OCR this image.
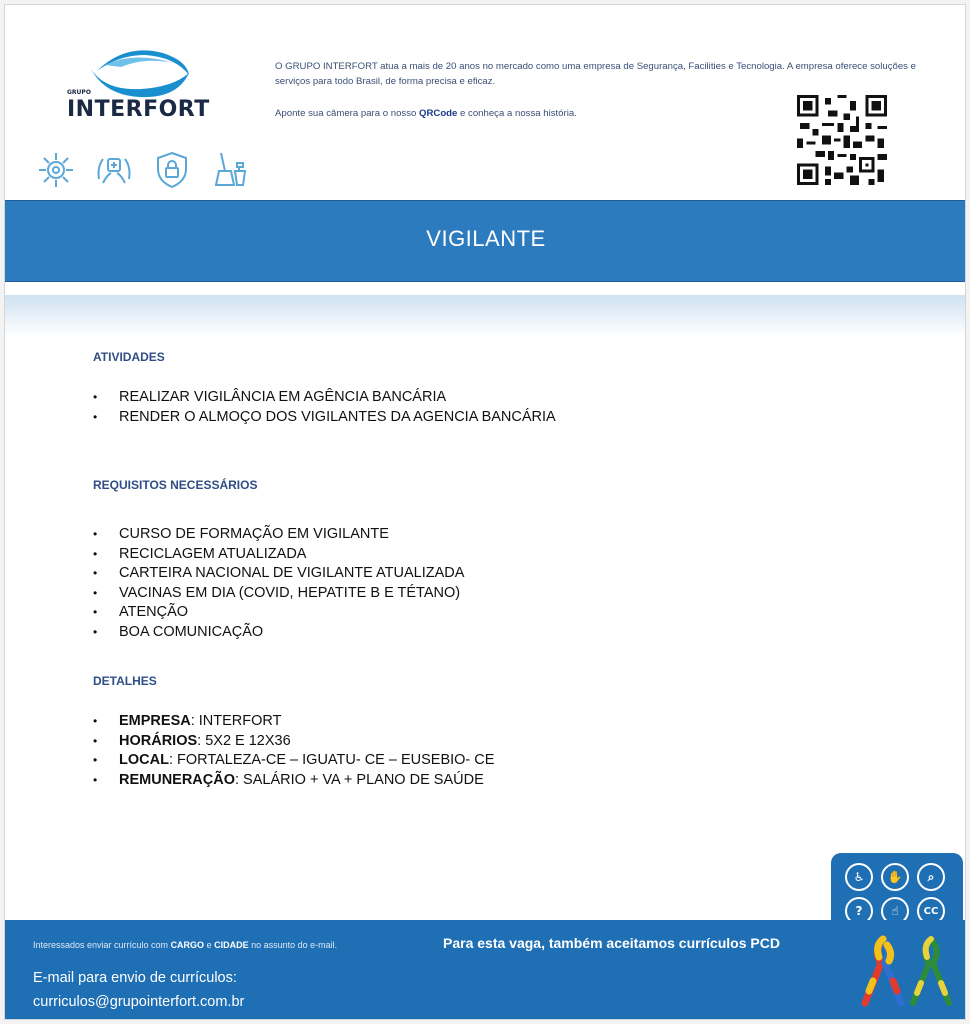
GRUPO
INTERFORT
O GRUPO INTERFORT atua a mais de 20 anos no mercado como uma empresa de Segurança, Facilities e Tecnologia. A empresa oferece soluções e serviços para todo Brasil, de forma precisa e eficaz.
Aponte sua câmera para o nosso QRCode e conheça a nossa história.
VIGILANTE
ATIVIDADES
• REALIZAR VIGILÂNCIA EM AGÊNCIA BANCÁRIA
• RENDER O ALMOÇO DOS VIGILANTES DA AGENCIA BANCÁRIA
REQUISITOS NECESSÁRIOS
• CURSO DE FORMAÇÃO EM VIGILANTE
• RECICLAGEM ATUALIZADA
• CARTEIRA NACIONAL DE VIGILANTE ATUALIZADA
• VACINAS EM DIA (COVID, HEPATITE B E TÉTANO)
• ATENÇÃO
• BOA COMUNICAÇÃO
DETALHES
• EMPRESA: INTERFORT
• HORÁRIOS: 5X2 E 12X36
• LOCAL: FORTALEZA-CE – IGUATU- CE – EUSEBIO- CE
• REMUNERAÇÃO: SALÁRIO + VA + PLANO DE SAÚDE
♿	✋	⌕
?	☝	CC
Interessados enviar currículo com CARGO e CIDADE no assunto do e-mail.	Para esta vaga, também aceitamos currículos PCD
E-mail para envio de currículos:
curriculos@grupointerfort.com.br
